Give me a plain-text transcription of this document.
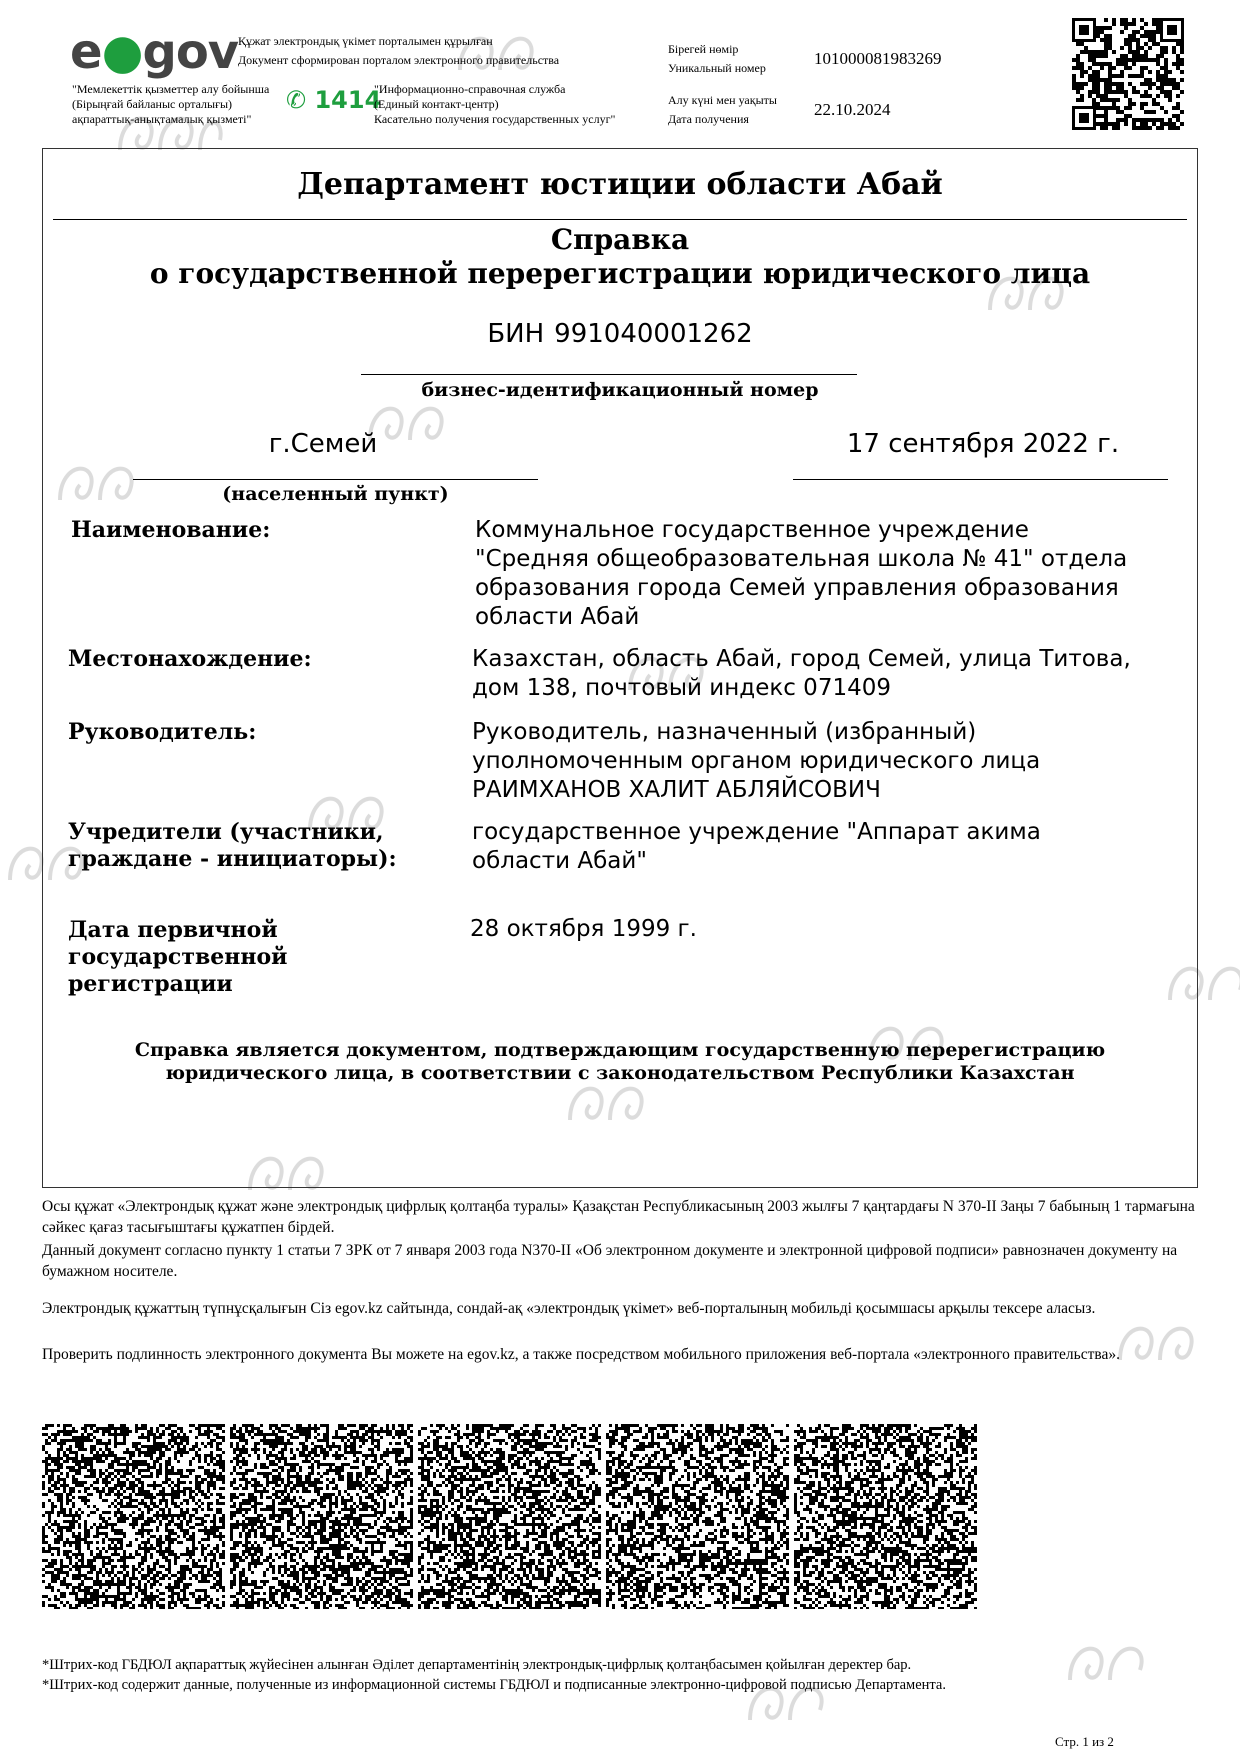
e●gov Құжат электрондық үкімет порталымен құрылған
Документ сформирован порталом электронного правительства
"Мемлекеттік қызметтер алу бойынша
(Бірыңғай байланыс орталығы)
ақпараттық-анықтамалық қызметі"
✆ 1414
"Информационно-справочная служба
(Единый контакт-центр)
Касательно получения государственных услуг"
Бірегей нөмір
Уникальный номер	101000081983269
Алу күні мен уақыты
Дата получения	22.10.2024
Департамент юстиции области Абай
Справка
о государственной перерегистрации юридического лица
БИН 991040001262
бизнес-идентификационный номер
г.Семей
(населенный пункт)
17 сентября 2022 г.
Наименование:	Коммунальное государственное учреждение
"Средняя общеобразовательная школа № 41" отдела
образования города Семей управления образования
области Абай
Местонахождение:	Казахстан, область Абай, город Семей, улица Титова,
дом 138, почтовый индекс 071409
Руководитель:	Руководитель, назначенный (избранный)
уполномоченным органом юридического лица
РАИМХАНОВ ХАЛИТ АБЛЯЙСОВИЧ
Учредители (участники,
граждане - инициаторы):
государственное учреждение "Аппарат акима
области Абай"
Дата первичной
государственной
регистрации
28 октября 1999 г.
Справка является документом, подтверждающим государственную перерегистрацию
юридического лица, в соответствии с законодательством Республики Казахстан
Осы құжат «Электрондық құжат және электрондық цифрлық қолтаңба туралы» Қазақстан Республикасының 2003 жылғы 7 қаңтардағы N 370-II Заңы 7 бабының 1 тармағына сәйкес қағаз тасығыштағы құжатпен бірдей.
Данный документ согласно пункту 1 статьи 7 ЗРК от 7 января 2003 года N370-II «Об электронном документе и электронной цифровой подписи» равнозначен документу на бумажном носителе.
Электрондық құжаттың түпнұсқалығын Сіз egov.kz сайтында, сондай-ақ «электрондық үкімет» веб-порталының мобильді қосымшасы арқылы тексере аласыз.
Проверить подлинность электронного документа Вы можете на egov.kz, а также посредством мобильного приложения веб-портала «электронного правительства».
*Штрих-код ГБДЮЛ ақпараттық жүйесінен алынған Әділет департаментінің электрондық-цифрлық қолтаңбасымен қойылған деректер бар.
*Штрих-код содержит данные, полученные из информационной системы ГБДЮЛ и подписанные электронно-цифровой подписью Департамента.
Стр. 1 из 2
